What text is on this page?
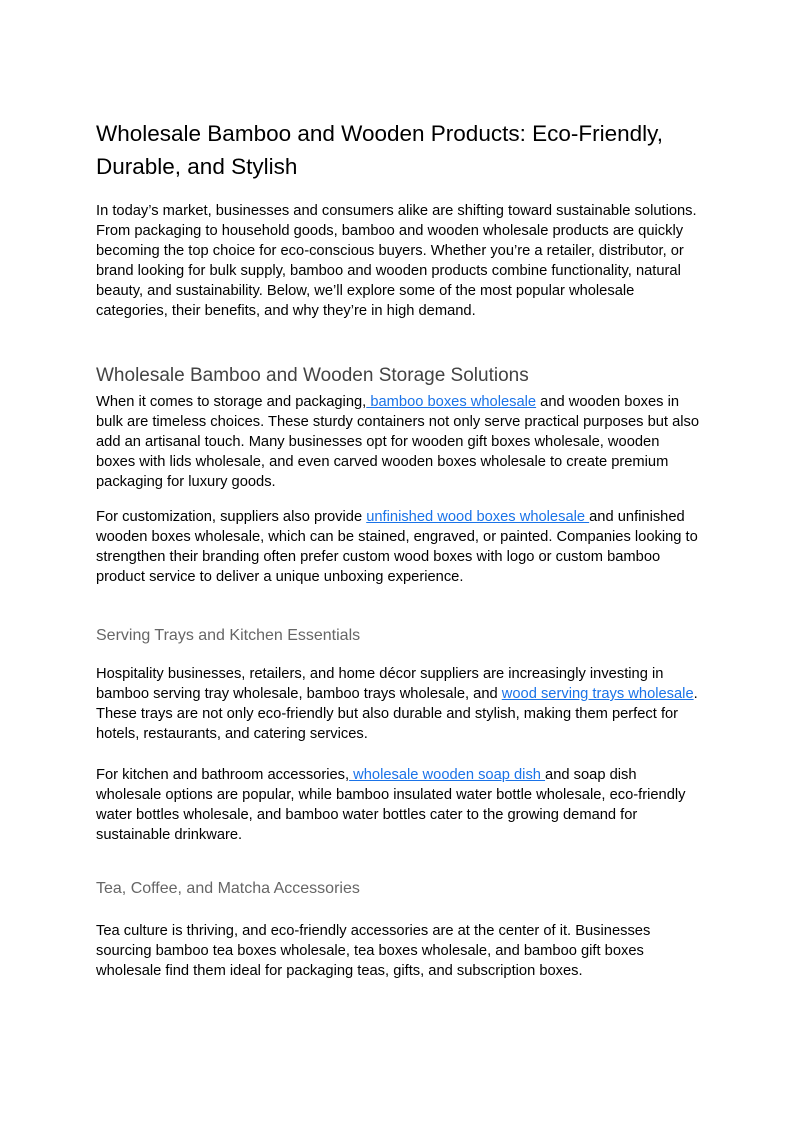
Wholesale Bamboo and Wooden Products: Eco-Friendly, Durable, and Stylish

In today’s market, businesses and consumers alike are shifting toward sustainable solutions. From packaging to household goods, bamboo and wooden wholesale products are quickly becoming the top choice for eco-conscious buyers. Whether you’re a retailer, distributor, or brand looking for bulk supply, bamboo and wooden products combine functionality, natural beauty, and sustainability. Below, we’ll explore some of the most popular wholesale categories, their benefits, and why they’re in high demand.

Wholesale Bamboo and Wooden Storage Solutions

When it comes to storage and packaging, bamboo boxes wholesale and wooden boxes in bulk are timeless choices. These sturdy containers not only serve practical purposes but also add an artisanal touch. Many businesses opt for wooden gift boxes wholesale, wooden boxes with lids wholesale, and even carved wooden boxes wholesale to create premium packaging for luxury goods.

For customization, suppliers also provide unfinished wood boxes wholesale and unfinished wooden boxes wholesale, which can be stained, engraved, or painted. Companies looking to strengthen their branding often prefer custom wood boxes with logo or custom bamboo product service to deliver a unique unboxing experience.

Serving Trays and Kitchen Essentials

Hospitality businesses, retailers, and home décor suppliers are increasingly investing in bamboo serving tray wholesale, bamboo trays wholesale, and wood serving trays wholesale. These trays are not only eco-friendly but also durable and stylish, making them perfect for hotels, restaurants, and catering services.

For kitchen and bathroom accessories, wholesale wooden soap dish and soap dish wholesale options are popular, while bamboo insulated water bottle wholesale, eco-friendly water bottles wholesale, and bamboo water bottles cater to the growing demand for sustainable drinkware.

Tea, Coffee, and Matcha Accessories

Tea culture is thriving, and eco-friendly accessories are at the center of it. Businesses sourcing bamboo tea boxes wholesale, tea boxes wholesale, and bamboo gift boxes wholesale find them ideal for packaging teas, gifts, and subscription boxes.
